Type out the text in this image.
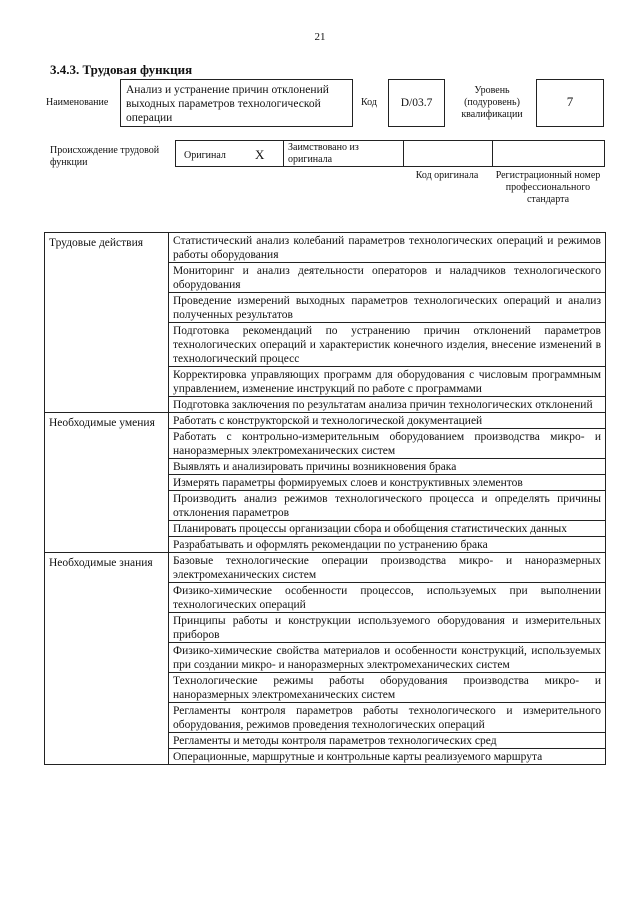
21
3.4.3. Трудовая функция
Наименование
Анализ и устранение причин отклонений выходных параметров технологической операции
Код	D/03.7
Уровень (подуровень) квалификации
7
Происхождение трудовой функции
Оригинал X Заимствовано из оригинала
Код оригинала	Регистрационный номер профессионального стандарта
Трудовые действия	Статистический анализ колебаний параметров технологических операций и режимов работы оборудования
	Мониторинг и анализ деятельности операторов и наладчиков технологического оборудования
	Проведение измерений выходных параметров технологических операций и анализ полученных результатов
	Подготовка рекомендаций по устранению причин отклонений параметров технологических операций и характеристик конечного изделия, внесение изменений в технологический процесс
	Корректировка управляющих программ для оборудования с числовым программным управлением, изменение инструкций по работе с программами
	Подготовка заключения по результатам анализа причин технологических отклонений
Необходимые умения	Работать с конструкторской и технологической документацией
	Работать с контрольно-измерительным оборудованием производства микро- и наноразмерных электромеханических систем
	Выявлять и анализировать причины возникновения брака
	Измерять параметры формируемых слоев и конструктивных элементов
	Производить анализ режимов технологического процесса и определять причины отклонения параметров
	Планировать процессы организации сбора и обобщения статистических данных
	Разрабатывать и оформлять рекомендации по устранению брака
Необходимые знания	Базовые технологические операции производства микро- и наноразмерных электромеханических систем
	Физико-химические особенности процессов, используемых при выполнении технологических операций
	Принципы работы и конструкции используемого оборудования и измерительных приборов
	Физико-химические свойства материалов и особенности конструкций, используемых при создании микро- и наноразмерных электромеханических систем
	Технологические режимы работы оборудования производства микро- и наноразмерных электромеханических систем
	Регламенты контроля параметров работы технологического и измерительного оборудования, режимов проведения технологических операций
	Регламенты и методы контроля параметров технологических сред
	Операционные, маршрутные и контрольные карты реализуемого маршрута
